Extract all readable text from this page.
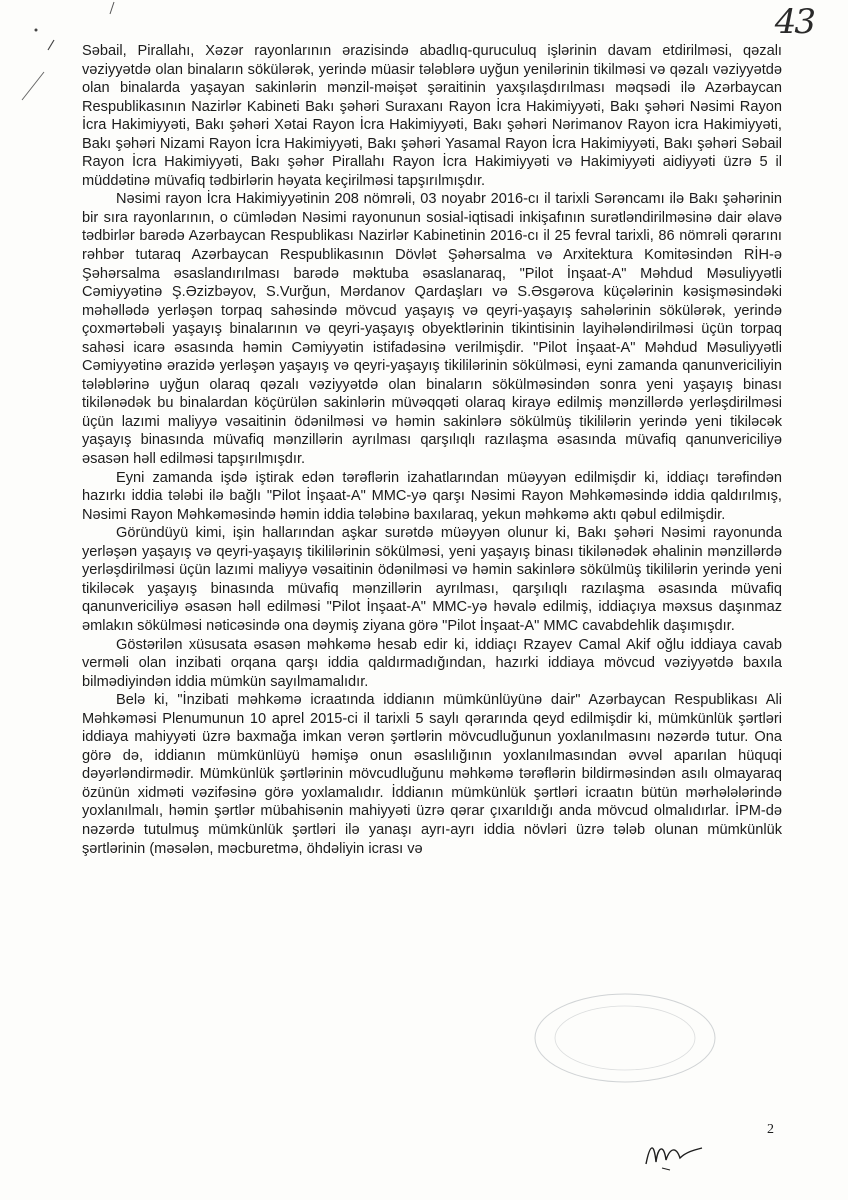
43

Səbail, Pirallahı, Xəzər rayonlarının ərazisində abadlıq-quruculuq işlərinin davam etdirilməsi, qəzalı vəziyyətdə olan binaların sökülərək, yerində müasir tələblərə uyğun yenilərinin tikilməsi və qəzalı vəziyyətdə olan binalarda yaşayan sakinlərin mənzil-məişət şəraitinin yaxşılaşdırılması məqsədi ilə Azərbaycan Respublikasının Nazirlər Kabineti Bakı şəhəri Suraxanı Rayon İcra Hakimiyyəti, Bakı şəhəri Nəsimi Rayon İcra Hakimiyyəti, Bakı şəhəri Xətai Rayon İcra Hakimiyyəti, Bakı şəhəri Nərimanov Rayon icra Hakimiyyəti, Bakı şəhəri Nizami Rayon İcra Hakimiyyəti, Bakı şəhəri Yasamal Rayon İcra Hakimiyyəti, Bakı şəhəri Səbail Rayon İcra Hakimiyyəti, Bakı şəhər Pirallahı Rayon İcra Hakimiyyəti və Hakimiyyəti aidiyyəti üzrə 5 il müddətinə müvafiq tədbirlərin həyata keçirilməsi tapşırılmışdır.

Nəsimi rayon İcra Hakimiyyətinin 208 nömrəli, 03 noyabr 2016-cı il tarixli Sərəncamı ilə Bakı şəhərinin bir sıra rayonlarının, o cümlədən Nəsimi rayonunun sosial-iqtisadi inkişafının surətləndirilməsinə dair əlavə tədbirlər barədə Azərbaycan Respublikası Nazirlər Kabinetinin 2016-cı il 25 fevral tarixli, 86 nömrəli qərarını rəhbər tutaraq Azərbaycan Respublikasının Dövlət Şəhərsalma və Arxitektura Komitəsindən RİH-ə Şəhərsalma əsaslandırılması barədə məktuba əsaslanaraq, "Pilot İnşaat-A" Məhdud Məsuliyyətli Cəmiyyətinə Ş.Əzizbəyov, S.Vurğun, Mərdanov Qardaşları və S.Əsgərova küçələrinin kəsişməsindəki məhəllədə yerləşən torpaq sahəsində mövcud yaşayış və qeyri-yaşayış sahələrinin sökülərək, yerində çoxmərtəbəli yaşayış binalarının və qeyri-yaşayış obyektlərinin tikintisinin layihələndirilməsi üçün torpaq sahəsi icarə əsasında həmin Cəmiyyətin istifadəsinə verilmişdir. "Pilot İnşaat-A" Məhdud Məsuliyyətli Cəmiyyətinə ərazidə yerləşən yaşayış və qeyri-yaşayış tikililərinin sökülməsi, eyni zamanda qanunvericiliyin tələblərinə uyğun olaraq qəzalı vəziyyətdə olan binaların sökülməsindən sonra yeni yaşayış binası tikilənədək bu binalardan köçürülən sakinlərin müvəqqəti olaraq kirayə edilmiş mənzillərdə yerləşdirilməsi üçün lazımi maliyyə vəsaitinin ödənilməsi və həmin sakinlərə sökülmüş tikililərin yerində yeni tikiləcək yaşayış binasında müvafiq mənzillərin ayrılması qarşılıqlı razılaşma əsasında müvafiq qanunvericiliyə əsasən həll edilməsi tapşırılmışdır.

Eyni zamanda işdə iştirak edən tərəflərin izahatlarından müəyyən edilmişdir ki, iddiaçı tərəfindən hazırkı iddia tələbi ilə bağlı "Pilot İnşaat-A" MMC-yə qarşı Nəsimi Rayon Məhkəməsində iddia qaldırılmış, Nəsimi Rayon Məhkəməsində həmin iddia tələbinə baxılaraq, yekun məhkəmə aktı qəbul edilmişdir.

Göründüyü kimi, işin hallarından aşkar surətdə müəyyən olunur ki, Bakı şəhəri Nəsimi rayonunda yerləşən yaşayış və qeyri-yaşayış tikililərinin sökülməsi, yeni yaşayış binası tikilənədək əhalinin mənzillərdə yerləşdirilməsi üçün lazımi maliyyə vəsaitinin ödənilməsi və həmin sakinlərə sökülmüş tikililərin yerində yeni tikiləcək yaşayış binasında müvafiq mənzillərin ayrılması, qarşılıqlı razılaşma əsasında müvafiq qanunvericiliyə əsasən həll edilməsi "Pilot İnşaat-A" MMC-yə həvalə edilmiş, iddiaçıya məxsus daşınmaz əmlakın sökülməsi nəticəsində ona dəymiş ziyana görə "Pilot İnşaat-A" MMC cavabdehlik daşımışdır.

Göstərilən xüsusata əsasən məhkəmə hesab edir ki, iddiaçı Rzayev Camal Akif oğlu iddiaya cavab verməli olan inzibati orqana qarşı iddia qaldırmadığından, hazırki iddiaya mövcud vəziyyətdə baxıla bilmədiyindən iddia mümkün sayılmamalıdır.

Belə ki, "İnzibati məhkəmə icraatında iddianın mümkünlüyünə dair" Azərbaycan Respublikası Ali Məhkəməsi Plenumunun 10 aprel 2015-ci il tarixli 5 saylı qərarında qeyd edilmişdir ki, mümkünlük şərtləri iddiaya mahiyyəti üzrə baxmağa imkan verən şərtlərin mövcudluğunun yoxlanılmasını nəzərdə tutur. Ona görə də, iddianın mümkünlüyü həmişə onun əsaslılığının yoxlanılmasından əvvəl aparılan hüquqi dəyərləndirmədir. Mümkünlük şərtlərinin mövcudluğunu məhkəmə tərəflərin bildirməsindən asılı olmayaraq özünün xidməti vəzifəsinə görə yoxlamalıdır. İddianın mümkünlük şərtləri icraatın bütün mərhələlərində yoxlanılmalı, həmin şərtlər mübahisənin mahiyyəti üzrə qərar çıxarıldığı anda mövcud olmalıdırlar. İPM-də nəzərdə tutulmuş mümkünlük şərtləri ilə yanaşı ayrı-ayrı iddia növləri üzrə tələb olunan mümkünlük şərtlərinin (məsələn, məcburetmə, öhdəliyin icrası və

2
